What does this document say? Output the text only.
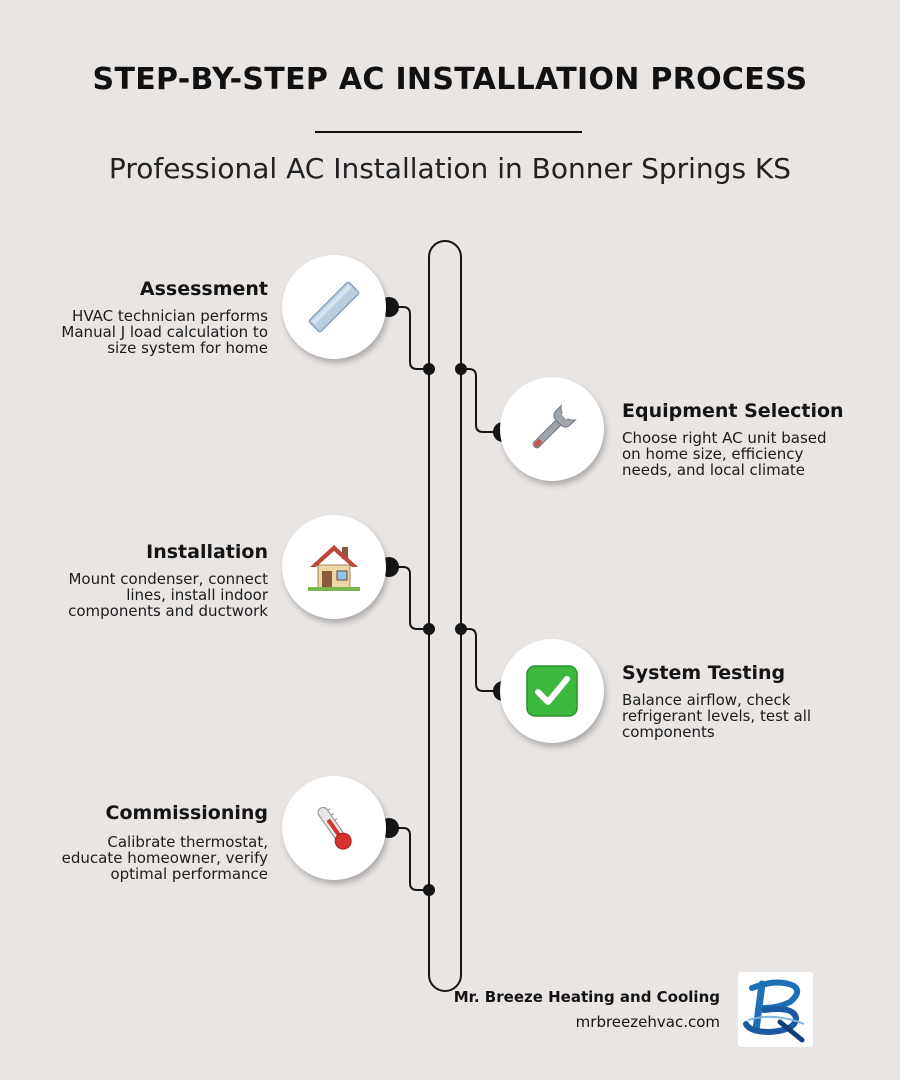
STEP-BY-STEP AC INSTALLATION PROCESS
Professional AC Installation in Bonner Springs KS
Assessment
HVAC technician performs Manual J load calculation to size system for home
Equipment Selection
Choose right AC unit based on home size, efficiency needs, and local climate
Installation
Mount condenser, connect lines, install indoor components and ductwork
System Testing
Balance airflow, check refrigerant levels, test all components
Commissioning
Calibrate thermostat, educate homeowner, verify optimal performance
Mr. Breeze Heating and Cooling
mrbreezehvac.com
